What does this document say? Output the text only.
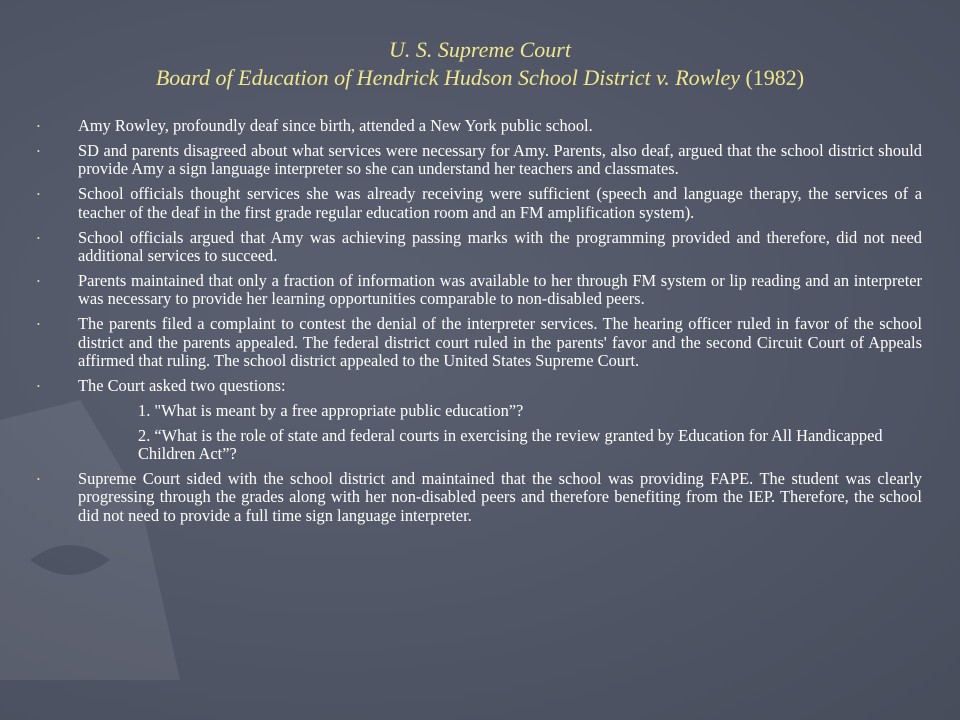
U. S. Supreme Court
Board of Education of Hendrick Hudson School District v. Rowley (1982)
• Amy Rowley, profoundly deaf since birth, attended a New York public school.
• SD and parents disagreed about what services were necessary for Amy. Parents, also deaf, argued that the school district should provide Amy a sign language interpreter so she can understand her teachers and classmates.
• School officials thought services she was already receiving were sufficient (speech and language therapy, the services of a teacher of the deaf in the first grade regular education room and an FM amplification system).
• School officials argued that Amy was achieving passing marks with the programming provided and therefore, did not need additional services to succeed.
• Parents maintained that only a fraction of information was available to her through FM system or lip reading and an interpreter was necessary to provide her learning opportunities comparable to non-disabled peers.
• The parents filed a complaint to contest the denial of the interpreter services. The hearing officer ruled in favor of the school district and the parents appealed. The federal district court ruled in the parents' favor and the second Circuit Court of Appeals affirmed that ruling. The school district appealed to the United States Supreme Court.
• The Court asked two questions:
1. "What is meant by a free appropriate public education”?
2. “What is the role of state and federal courts in exercising the review granted by Education for All Handicapped Children Act”?
• Supreme Court sided with the school district and maintained that the school was providing FAPE. The student was clearly progressing through the grades along with her non-disabled peers and therefore benefiting from the IEP. Therefore, the school did not need to provide a full time sign language interpreter.
